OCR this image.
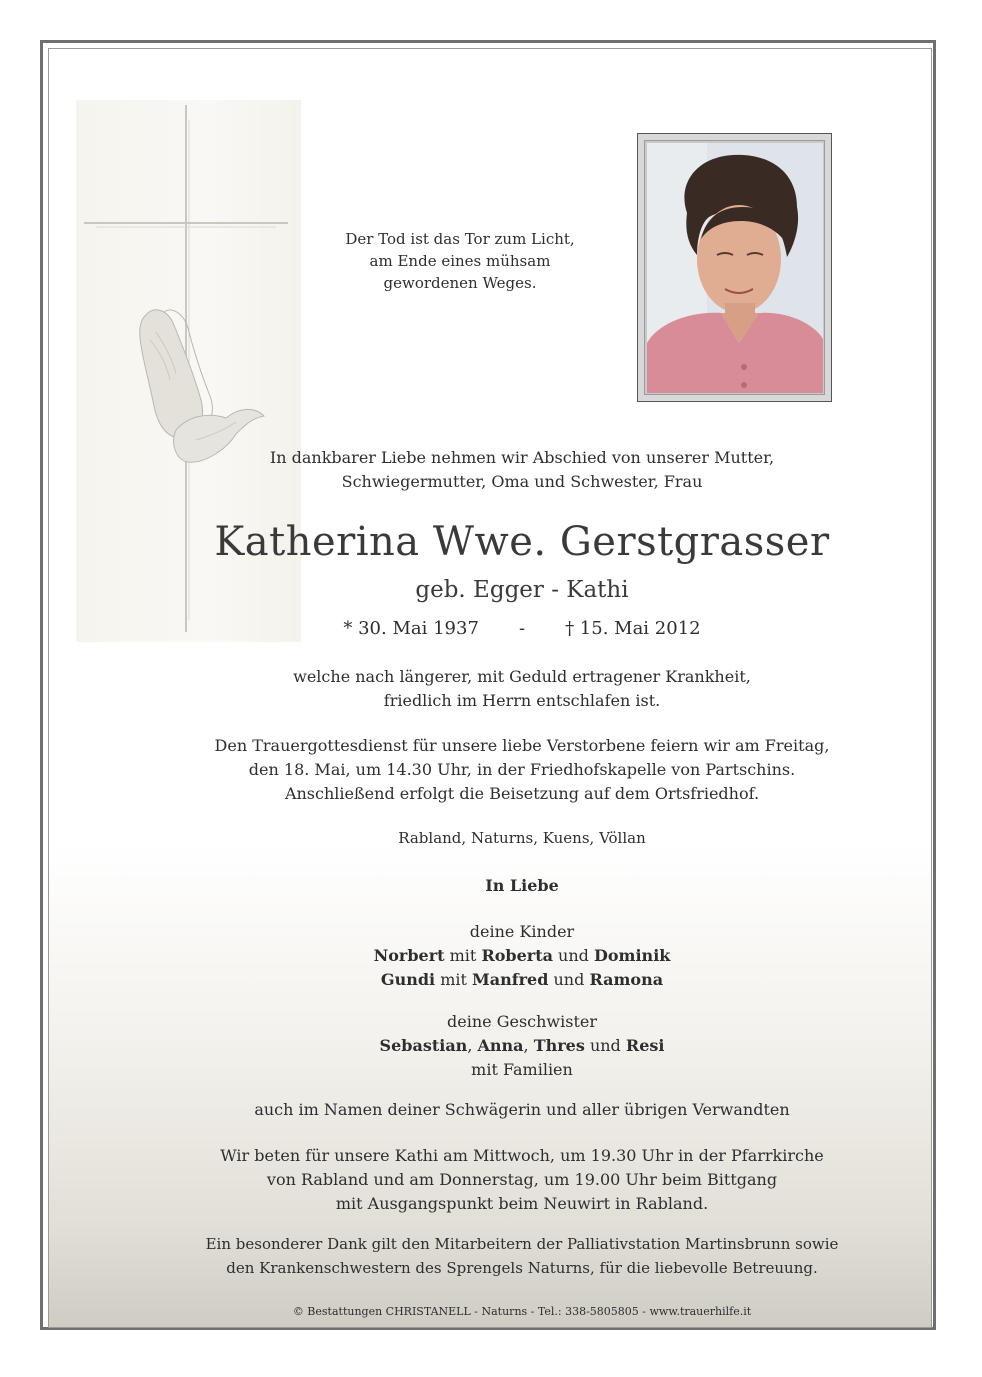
Der Tod ist das Tor zum Licht,
am Ende eines mühsam
gewordenen Weges.
In dankbarer Liebe nehmen wir Abschied von unserer Mutter,
Schwiegermutter, Oma und Schwester, Frau
Katherina Wwe. Gerstgrasser
geb. Egger - Kathi
* 30. Mai 1937       -       † 15. Mai 2012
welche nach längerer, mit Geduld ertragener Krankheit,
friedlich im Herrn entschlafen ist.
Den Trauergottesdienst für unsere liebe Verstorbene feiern wir am Freitag,
den 18. Mai, um 14.30 Uhr, in der Friedhofskapelle von Partschins.
Anschließend erfolgt die Beisetzung auf dem Ortsfriedhof.
Rabland, Naturns, Kuens, Völlan
In Liebe
deine Kinder
Norbert mit Roberta und Dominik
Gundi mit Manfred und Ramona
deine Geschwister
Sebastian, Anna, Thres und Resi
mit Familien
auch im Namen deiner Schwägerin und aller übrigen Verwandten
Wir beten für unsere Kathi am Mittwoch, um 19.30 Uhr in der Pfarrkirche
von Rabland und am Donnerstag, um 19.00 Uhr beim Bittgang
mit Ausgangspunkt beim Neuwirt in Rabland.
Ein besonderer Dank gilt den Mitarbeitern der Palliativstation Martinsbrunn sowie
den Krankenschwestern des Sprengels Naturns, für die liebevolle Betreuung.
© Bestattungen CHRISTANELL - Naturns - Tel.: 338-5805805 - www.trauerhilfe.it
